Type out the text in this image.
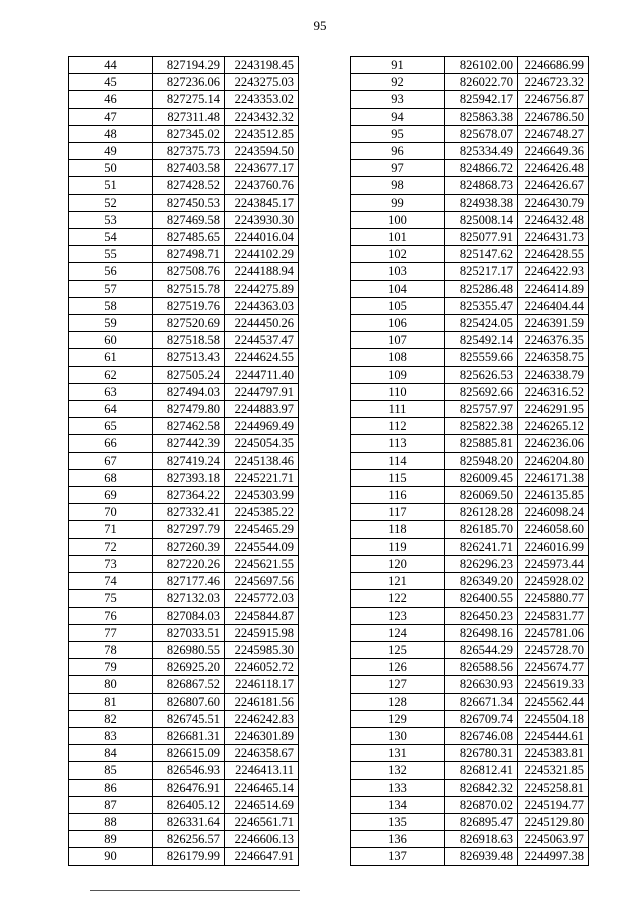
95
44	827194.29	2243198.45
45	827236.06	2243275.03
46	827275.14	2243353.02
47	827311.48	2243432.32
48	827345.02	2243512.85
49	827375.73	2243594.50
50	827403.58	2243677.17
51	827428.52	2243760.76
52	827450.53	2243845.17
53	827469.58	2243930.30
54	827485.65	2244016.04
55	827498.71	2244102.29
56	827508.76	2244188.94
57	827515.78	2244275.89
58	827519.76	2244363.03
59	827520.69	2244450.26
60	827518.58	2244537.47
61	827513.43	2244624.55
62	827505.24	2244711.40
63	827494.03	2244797.91
64	827479.80	2244883.97
65	827462.58	2244969.49
66	827442.39	2245054.35
67	827419.24	2245138.46
68	827393.18	2245221.71
69	827364.22	2245303.99
70	827332.41	2245385.22
71	827297.79	2245465.29
72	827260.39	2245544.09
73	827220.26	2245621.55
74	827177.46	2245697.56
75	827132.03	2245772.03
76	827084.03	2245844.87
77	827033.51	2245915.98
78	826980.55	2245985.30
79	826925.20	2246052.72
80	826867.52	2246118.17
81	826807.60	2246181.56
82	826745.51	2246242.83
83	826681.31	2246301.89
84	826615.09	2246358.67
85	826546.93	2246413.11
86	826476.91	2246465.14
87	826405.12	2246514.69
88	826331.64	2246561.71
89	826256.57	2246606.13
90	826179.99	2246647.91
91	826102.00	2246686.99
92	826022.70	2246723.32
93	825942.17	2246756.87
94	825863.38	2246786.50
95	825678.07	2246748.27
96	825334.49	2246649.36
97	824866.72	2246426.48
98	824868.73	2246426.67
99	824938.38	2246430.79
100	825008.14	2246432.48
101	825077.91	2246431.73
102	825147.62	2246428.55
103	825217.17	2246422.93
104	825286.48	2246414.89
105	825355.47	2246404.44
106	825424.05	2246391.59
107	825492.14	2246376.35
108	825559.66	2246358.75
109	825626.53	2246338.79
110	825692.66	2246316.52
111	825757.97	2246291.95
112	825822.38	2246265.12
113	825885.81	2246236.06
114	825948.20	2246204.80
115	826009.45	2246171.38
116	826069.50	2246135.85
117	826128.28	2246098.24
118	826185.70	2246058.60
119	826241.71	2246016.99
120	826296.23	2245973.44
121	826349.20	2245928.02
122	826400.55	2245880.77
123	826450.23	2245831.77
124	826498.16	2245781.06
125	826544.29	2245728.70
126	826588.56	2245674.77
127	826630.93	2245619.33
128	826671.34	2245562.44
129	826709.74	2245504.18
130	826746.08	2245444.61
131	826780.31	2245383.81
132	826812.41	2245321.85
133	826842.32	2245258.81
134	826870.02	2245194.77
135	826895.47	2245129.80
136	826918.63	2245063.97
137	826939.48	2244997.38
